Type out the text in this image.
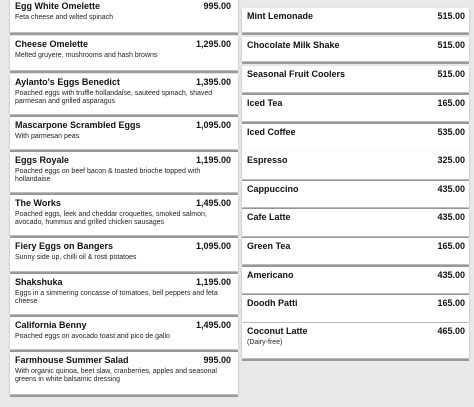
Egg White Omelette	995.00
Feta cheese and wilted spinach
Cheese Omelette	1,295.00
Melted gruyere, mushrooms and hash browns
Aylanto's Eggs Benedict	1,395.00
Poached eggs with truffle hollandaise, sauteed spinach, shaved parmesan and grilled asparagus
Mascarpone Scrambled Eggs	1,095.00
With parmesan peas
Eggs Royale	1,195.00
Poached eggs on beef bacon & toasted brioche topped with hollandaise
The Works	1,495.00
Poached eggs, leek and cheddar croquettes, smoked salmon, avocado, hummus and grilled chicken sausages
Fiery Eggs on Bangers	1,095.00
Sunny side up, chilli oil & rosti potatoes
Shakshuka	1,195.00
Eggs in a simmering concasse of tomatoes, bell peppers and feta cheese
California Benny	1,495.00
Poached eggs on avocado toast and pico de gallo
Farmhouse Summer Salad	995.00
With organic quinoa, beet slaw, cranberries, apples and seasonal greens in white balsamic dressing
Mint Lemonade	515.00
Chocolate Milk Shake	515.00
Seasonal Fruit Coolers	515.00
Iced Tea	165.00
Iced Coffee	535.00
Espresso	325.00
Cappuccino	435.00
Cafe Latte	435.00
Green Tea	165.00
Americano	435.00
Doodh Patti	165.00
Coconut Latte	465.00
(Dairy-free)
